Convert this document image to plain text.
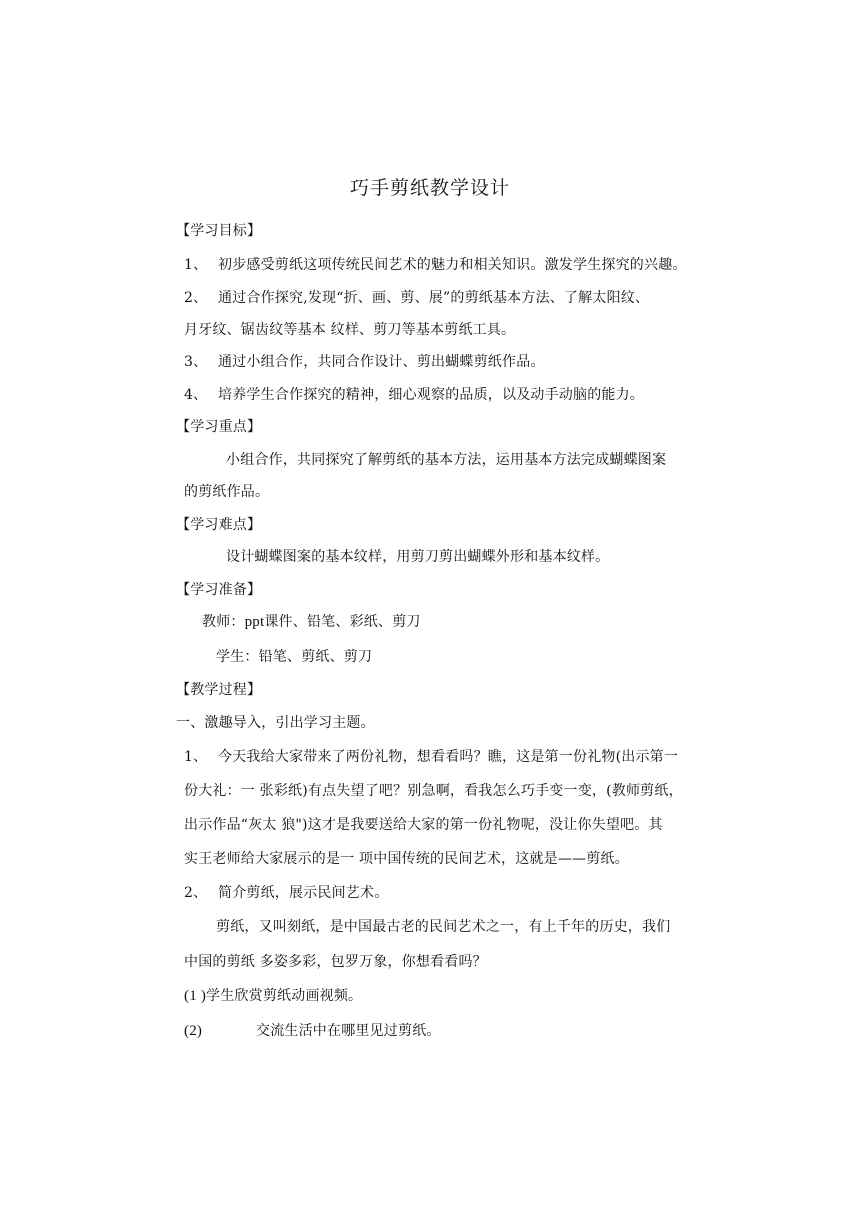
巧手剪纸教学设计
【学习目标】
1、 初步感受剪纸这项传统民间艺术的魅力和相关知识。激发学生探究的兴趣。
2、 通过合作探究,发现“折、画、剪、展”的剪纸基本方法、了解太阳纹、
月牙纹、锯齿纹等基本 纹样、剪刀等基本剪纸工具。
3、 通过小组合作，共同合作设计、剪出蝴蝶剪纸作品。
4、 培养学生合作探究的精神，细心观察的品质，以及动手动脑的能力。
【学习重点】
小组合作，共同探究了解剪纸的基本方法，运用基本方法完成蝴蝶图案
的剪纸作品。
【学习难点】
设计蝴蝶图案的基本纹样，用剪刀剪出蝴蝶外形和基本纹样。
【学习准备】
教师：ppt课件、铅笔、彩纸、剪刀
学生：铅笔、剪纸、剪刀
【教学过程】
一、激趣导入，引出学习主题。
1、 今天我给大家带来了两份礼物，想看看吗？瞧，这是第一份礼物(出示第一
份大礼：一 张彩纸)有点失望了吧？别急啊，看我怎么巧手变一变，(教师剪纸，
出示作品“灰太 狼")这才是我要送给大家的第一份礼物呢，没让你失望吧。其
实王老师给大家展示的是一 项中国传统的民间艺术，这就是——剪纸。
2、 简介剪纸，展示民间艺术。
剪纸，又叫刻纸，是中国最古老的民间艺术之一，有上千年的历史，我们
中国的剪纸 多姿多彩，包罗万象，你想看看吗？
(1 )学生欣赏剪纸动画视频。
(2)	交流生活中在哪里见过剪纸。
